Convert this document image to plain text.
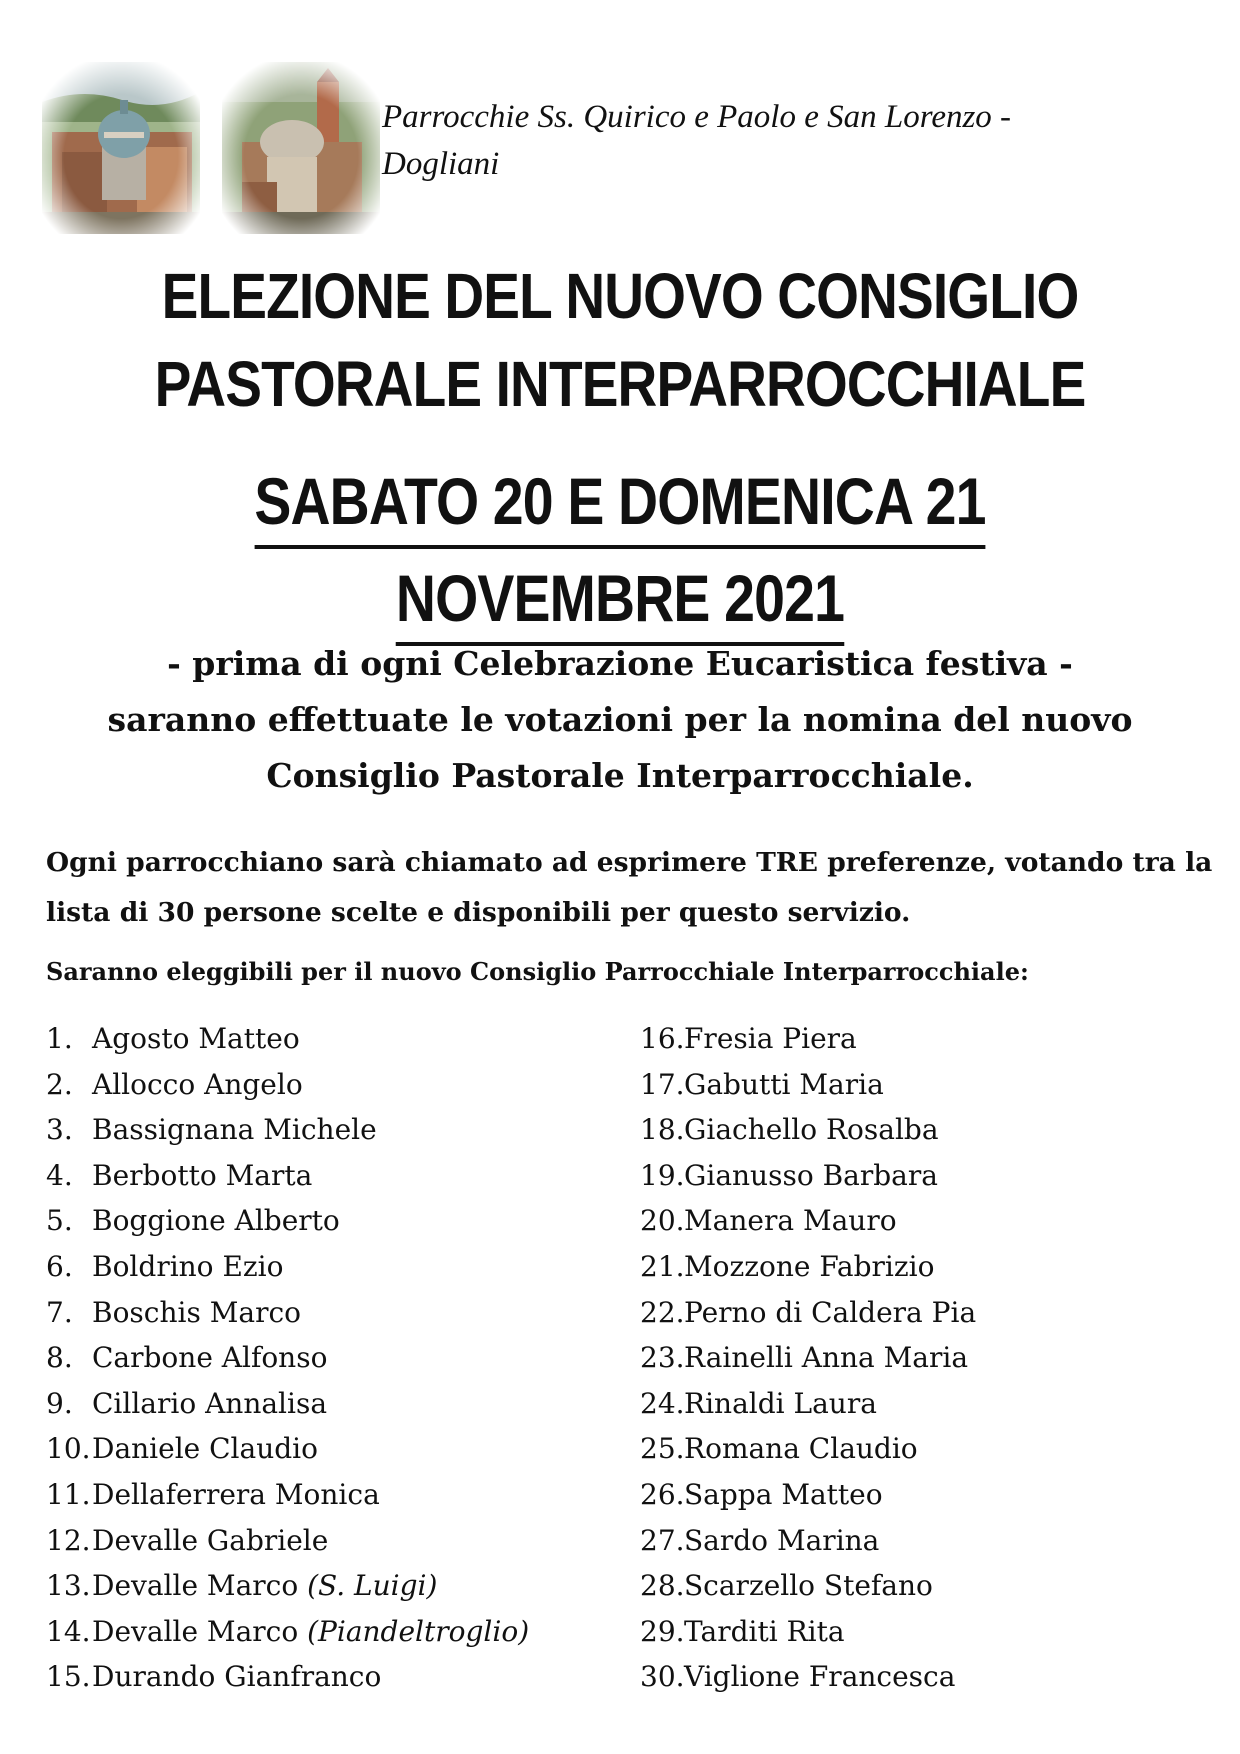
Parrocchie Ss. Quirico e Paolo e San Lorenzo -
Dogliani
ELEZIONE DEL NUOVO CONSIGLIO
PASTORALE INTERPARROCCHIALE
SABATO 20 E DOMENICA 21
NOVEMBRE 2021
- prima di ogni Celebrazione Eucaristica festiva -
saranno effettuate le votazioni per la nomina del nuovo
Consiglio Pastorale Interparrocchiale.
Ogni parrocchiano sarà chiamato ad esprimere TRE preferenze, votando tra la lista di 30 persone scelte e disponibili per questo servizio.
Saranno eleggibili per il nuovo Consiglio Parrocchiale Interparrocchiale:
1. Agosto Matteo
2. Allocco Angelo
3. Bassignana Michele
4. Berbotto Marta
5. Boggione Alberto
6. Boldrino Ezio
7. Boschis Marco
8. Carbone Alfonso
9. Cillario Annalisa
10.Daniele Claudio
11.Dellaferrera Monica
12.Devalle Gabriele
13.Devalle Marco (S. Luigi)
14.Devalle Marco (Piandeltroglio)
15.Durando Gianfranco
16.Fresia Piera
17.Gabutti Maria
18.Giachello Rosalba
19.Gianusso Barbara
20.Manera Mauro
21.Mozzone Fabrizio
22.Perno di Caldera Pia
23.Rainelli Anna Maria
24.Rinaldi Laura
25.Romana Claudio
26.Sappa Matteo
27.Sardo Marina
28.Scarzello Stefano
29.Tarditi Rita
30.Viglione Francesca
